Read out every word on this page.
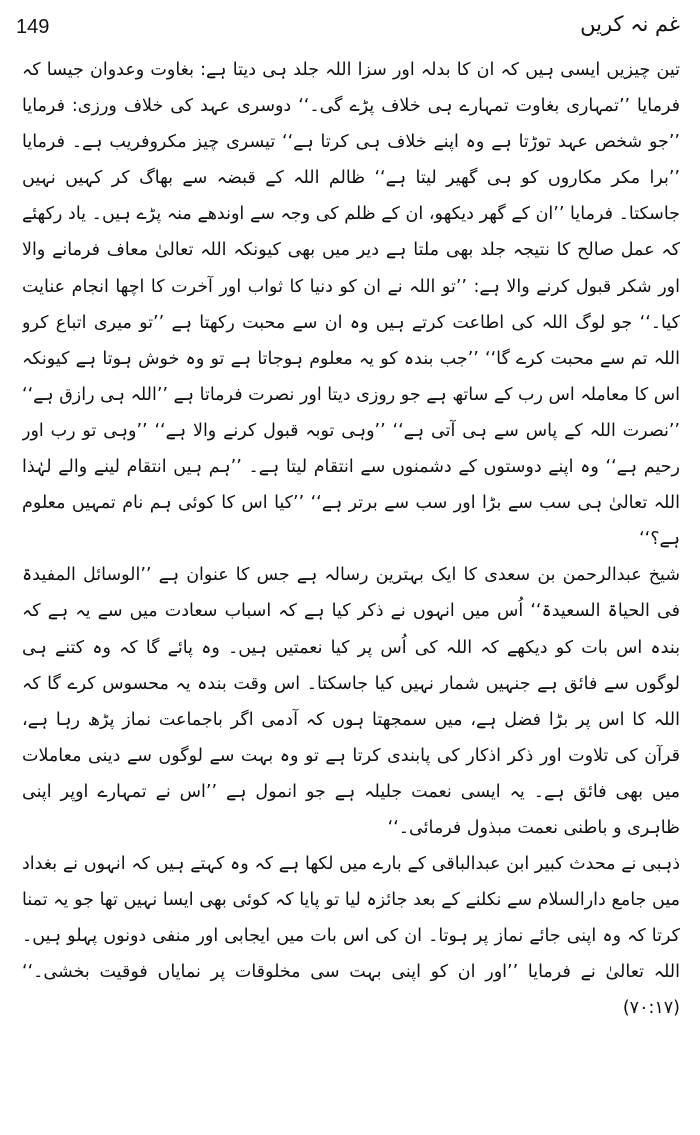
149	غم نہ کریں

تین چیزیں ایسی ہیں کہ ان کا بدلہ اور سزا اللہ جلد ہی دیتا ہے: بغاوت وعدوان جیسا کہ فرمایا ’’تمہاری بغاوت تمہارے ہی خلاف پڑے گی۔‘‘ دوسری عہد کی خلاف ورزی: فرمایا ’’جو شخص عہد توڑتا ہے وہ اپنے خلاف ہی کرتا ہے‘‘ تیسری چیز مکروفریب ہے۔ فرمایا ’’برا مکر مکاروں کو ہی گھیر لیتا ہے‘‘ ظالم اللہ کے قبضہ سے بھاگ کر کہیں نہیں جاسکتا۔ فرمایا ’’ان کے گھر دیکھو، ان کے ظلم کی وجہ سے اوندھے منہ پڑے ہیں۔ یاد رکھئے کہ عمل صالح کا نتیجہ جلد بھی ملتا ہے دیر میں بھی کیونکہ اللہ تعالیٰ معاف فرمانے والا اور شکر قبول کرنے والا ہے: ’’تو اللہ نے ان کو دنیا کا ثواب اور آخرت کا اچھا انجام عنایت کیا۔‘‘ جو لوگ اللہ کی اطاعت کرتے ہیں وہ ان سے محبت رکھتا ہے ’’تو میری اتباع کرو اللہ تم سے محبت کرے گا‘‘ ’’جب بندہ کو یہ معلوم ہوجاتا ہے تو وہ خوش ہوتا ہے کیونکہ اس کا معاملہ اس رب کے ساتھ ہے جو روزی دیتا اور نصرت فرماتا ہے ’’اللہ ہی رازق ہے‘‘ ’’نصرت اللہ کے پاس سے ہی آتی ہے‘‘ ’’وہی توبہ قبول کرنے والا ہے‘‘ ’’وہی تو رب اور رحیم ہے‘‘ وہ اپنے دوستوں کے دشمنوں سے انتقام لیتا ہے۔ ’’ہم ہیں انتقام لینے والے لہٰذا اللہ تعالیٰ ہی سب سے بڑا اور سب سے برتر ہے‘‘ ’’کیا اس کا کوئی ہم نام تمہیں معلوم ہے؟‘‘

شیخ عبدالرحمن بن سعدی کا ایک بہترین رسالہ ہے جس کا عنوان ہے ’’الوسائل المفیدۃ فی الحیاۃ السعیدۃ‘‘ اُس میں انہوں نے ذکر کیا ہے کہ اسباب سعادت میں سے یہ ہے کہ بندہ اس بات کو دیکھے کہ اللہ کی اُس پر کیا نعمتیں ہیں۔ وہ پائے گا کہ وہ کتنے ہی لوگوں سے فائق ہے جنہیں شمار نہیں کیا جاسکتا۔ اس وقت بندہ یہ محسوس کرے گا کہ اللہ کا اس پر بڑا فضل ہے، میں سمجھتا ہوں کہ آدمی اگر باجماعت نماز پڑھ رہا ہے، قرآن کی تلاوت اور ذکر اذکار کی پابندی کرتا ہے تو وہ بہت سے لوگوں سے دینی معاملات میں بھی فائق ہے۔ یہ ایسی نعمت جلیلہ ہے جو انمول ہے ’’اس نے تمہارے اوپر اپنی ظاہری و باطنی نعمت مبذول فرمائی۔‘‘

ذہبی نے محدث کبیر ابن عبدالباقی کے بارے میں لکھا ہے کہ وہ کہتے ہیں کہ انہوں نے بغداد میں جامع دارالسلام سے نکلنے کے بعد جائزہ لیا تو پایا کہ کوئی بھی ایسا نہیں تھا جو یہ تمنا کرتا کہ وہ اپنی جائے نماز پر ہوتا۔ ان کی اس بات میں ایجابی اور منفی دونوں پہلو ہیں۔ اللہ تعالیٰ نے فرمایا ’’اور ان کو اپنی بہت سی مخلوقات پر نمایاں فوقیت بخشی۔‘‘ (۷۰:۱۷)
